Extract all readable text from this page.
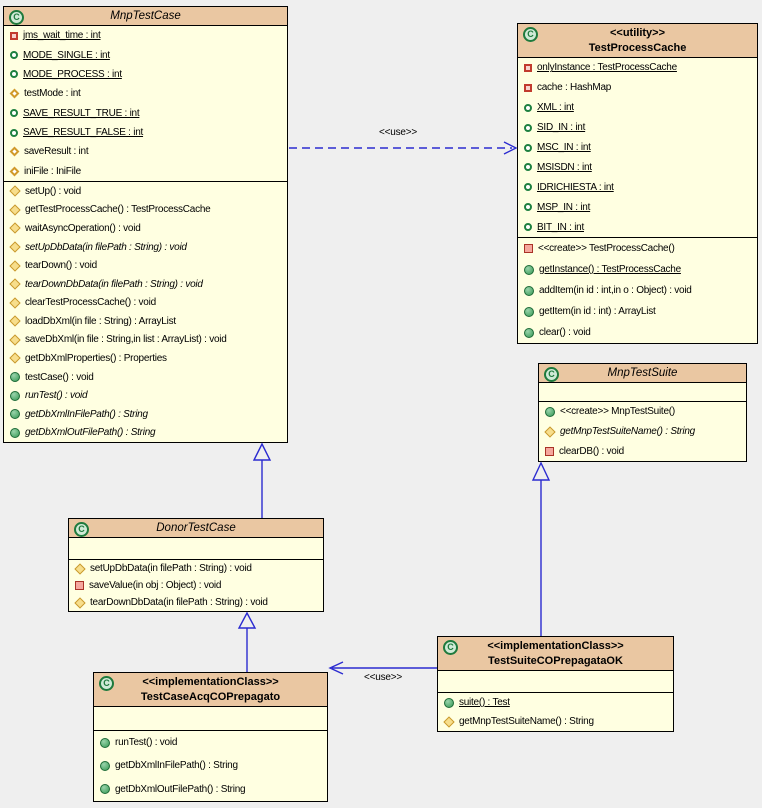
C	MnpTestCase
jms_wait_time : int
MODE_SINGLE : int
MODE_PROCESS : int
testMode : int
SAVE_RESULT_TRUE : int
SAVE_RESULT_FALSE : int
saveResult : int
iniFile : IniFile
setUp() : void
getTestProcessCache() : TestProcessCache
waitAsyncOperation() : void
setUpDbData(in filePath : String) : void
tearDown() : void
tearDownDbData(in filePath : String) : void
clearTestProcessCache() : void
loadDbXml(in file : String) : ArrayList
saveDbXml(in file : String,in list : ArrayList) : void
getDbXmlProperties() : Properties
testCase() : void
runTest() : void
getDbXmlInFilePath() : String
getDbXmlOutFilePath() : String
C	<<utility>>
TestProcessCache
onlyInstance : TestProcessCache
cache : HashMap
XML : int
SID_IN : int
MSC_IN : int
MSISDN : int
IDRICHIESTA : int
MSP_IN : int
BIT_IN : int
<<create>> TestProcessCache()
getInstance() : TestProcessCache
addItem(in id : int,in o : Object) : void
getItem(in id : int) : ArrayList
clear() : void
C	MnpTestSuite
<<create>> MnpTestSuite()
getMnpTestSuiteName() : String
clearDB() : void
C	DonorTestCase
setUpDbData(in filePath : String) : void
saveValue(in obj : Object) : void
tearDownDbData(in filePath : String) : void
C	<<implementationClass>>
TestCaseAcqCOPrepagato
runTest() : void
getDbXmlInFilePath() : String
getDbXmlOutFilePath() : String
C	<<implementationClass>>
TestSuiteCOPrepagataOK
suite() : Test
getMnpTestSuiteName() : String
<<use>>
<<use>>
